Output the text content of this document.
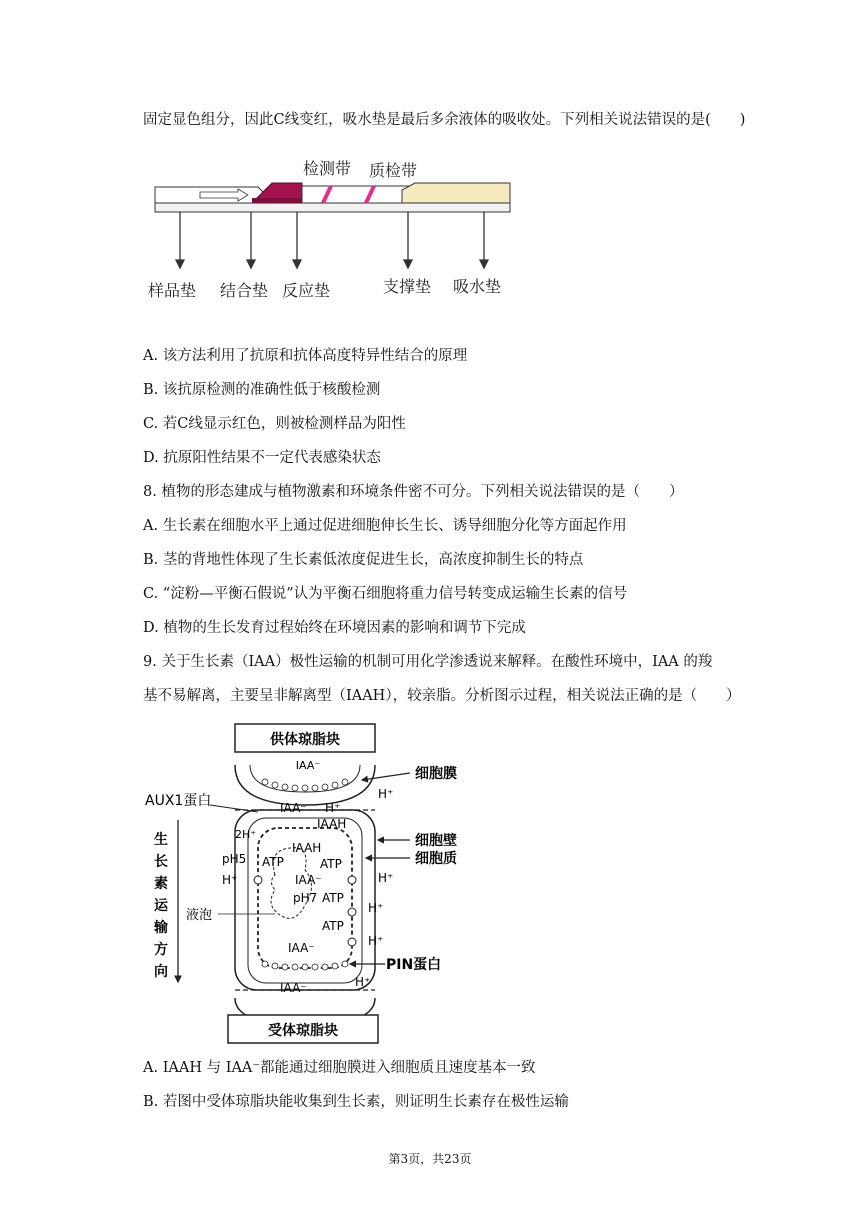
固定显色组分，因此C线变红，吸水垫是最后多余液体的吸收处。下列相关说法错误的是(　　)
检测带 质检带
样品垫 结合垫 反应垫	支撑垫 吸水垫
A. 该方法利用了抗原和抗体高度特异性结合的原理
B. 该抗原检测的准确性低于核酸检测
C. 若C线显示红色，则被检测样品为阳性
D. 抗原阳性结果不一定代表感染状态
8. 植物的形态建成与植物激素和环境条件密不可分。下列相关说法错误的是（　　）
A. 生长素在细胞水平上通过促进细胞伸长生长、诱导细胞分化等方面起作用
B. 茎的背地性体现了生长素低浓度促进生长，高浓度抑制生长的特点
C. “淀粉—平衡石假说”认为平衡石细胞将重力信号转变成运输生长素的信号
D. 植物的生长发育过程始终在环境因素的影响和调节下完成
9. 关于生长素（IAA）极性运输的机制可用化学渗透说来解释。在酸性环境中，IAA 的羧
基不易解离，主要呈非解离型（IAAH），较亲脂。分析图示过程，相关说法正确的是（　　）
供体琼脂块
IAA⁻
IAA⁻ H⁺
IAAH
2H⁺
IAAH
ATP	ATP
IAA⁻
pH7 ATP
ATP
IAA⁻
pH5
H⁺
液泡
H⁺
H⁺
H⁺
H⁺
IAA⁻	H⁺
受体琼脂块
细胞膜
细胞壁
细胞质
PIN蛋白
AUX1蛋白
生
长
素
运
输
方
向
A. IAAH 与 IAA⁻都能通过细胞膜进入细胞质且速度基本一致
B. 若图中受体琼脂块能收集到生长素，则证明生长素存在极性运输
第3页，共23页
